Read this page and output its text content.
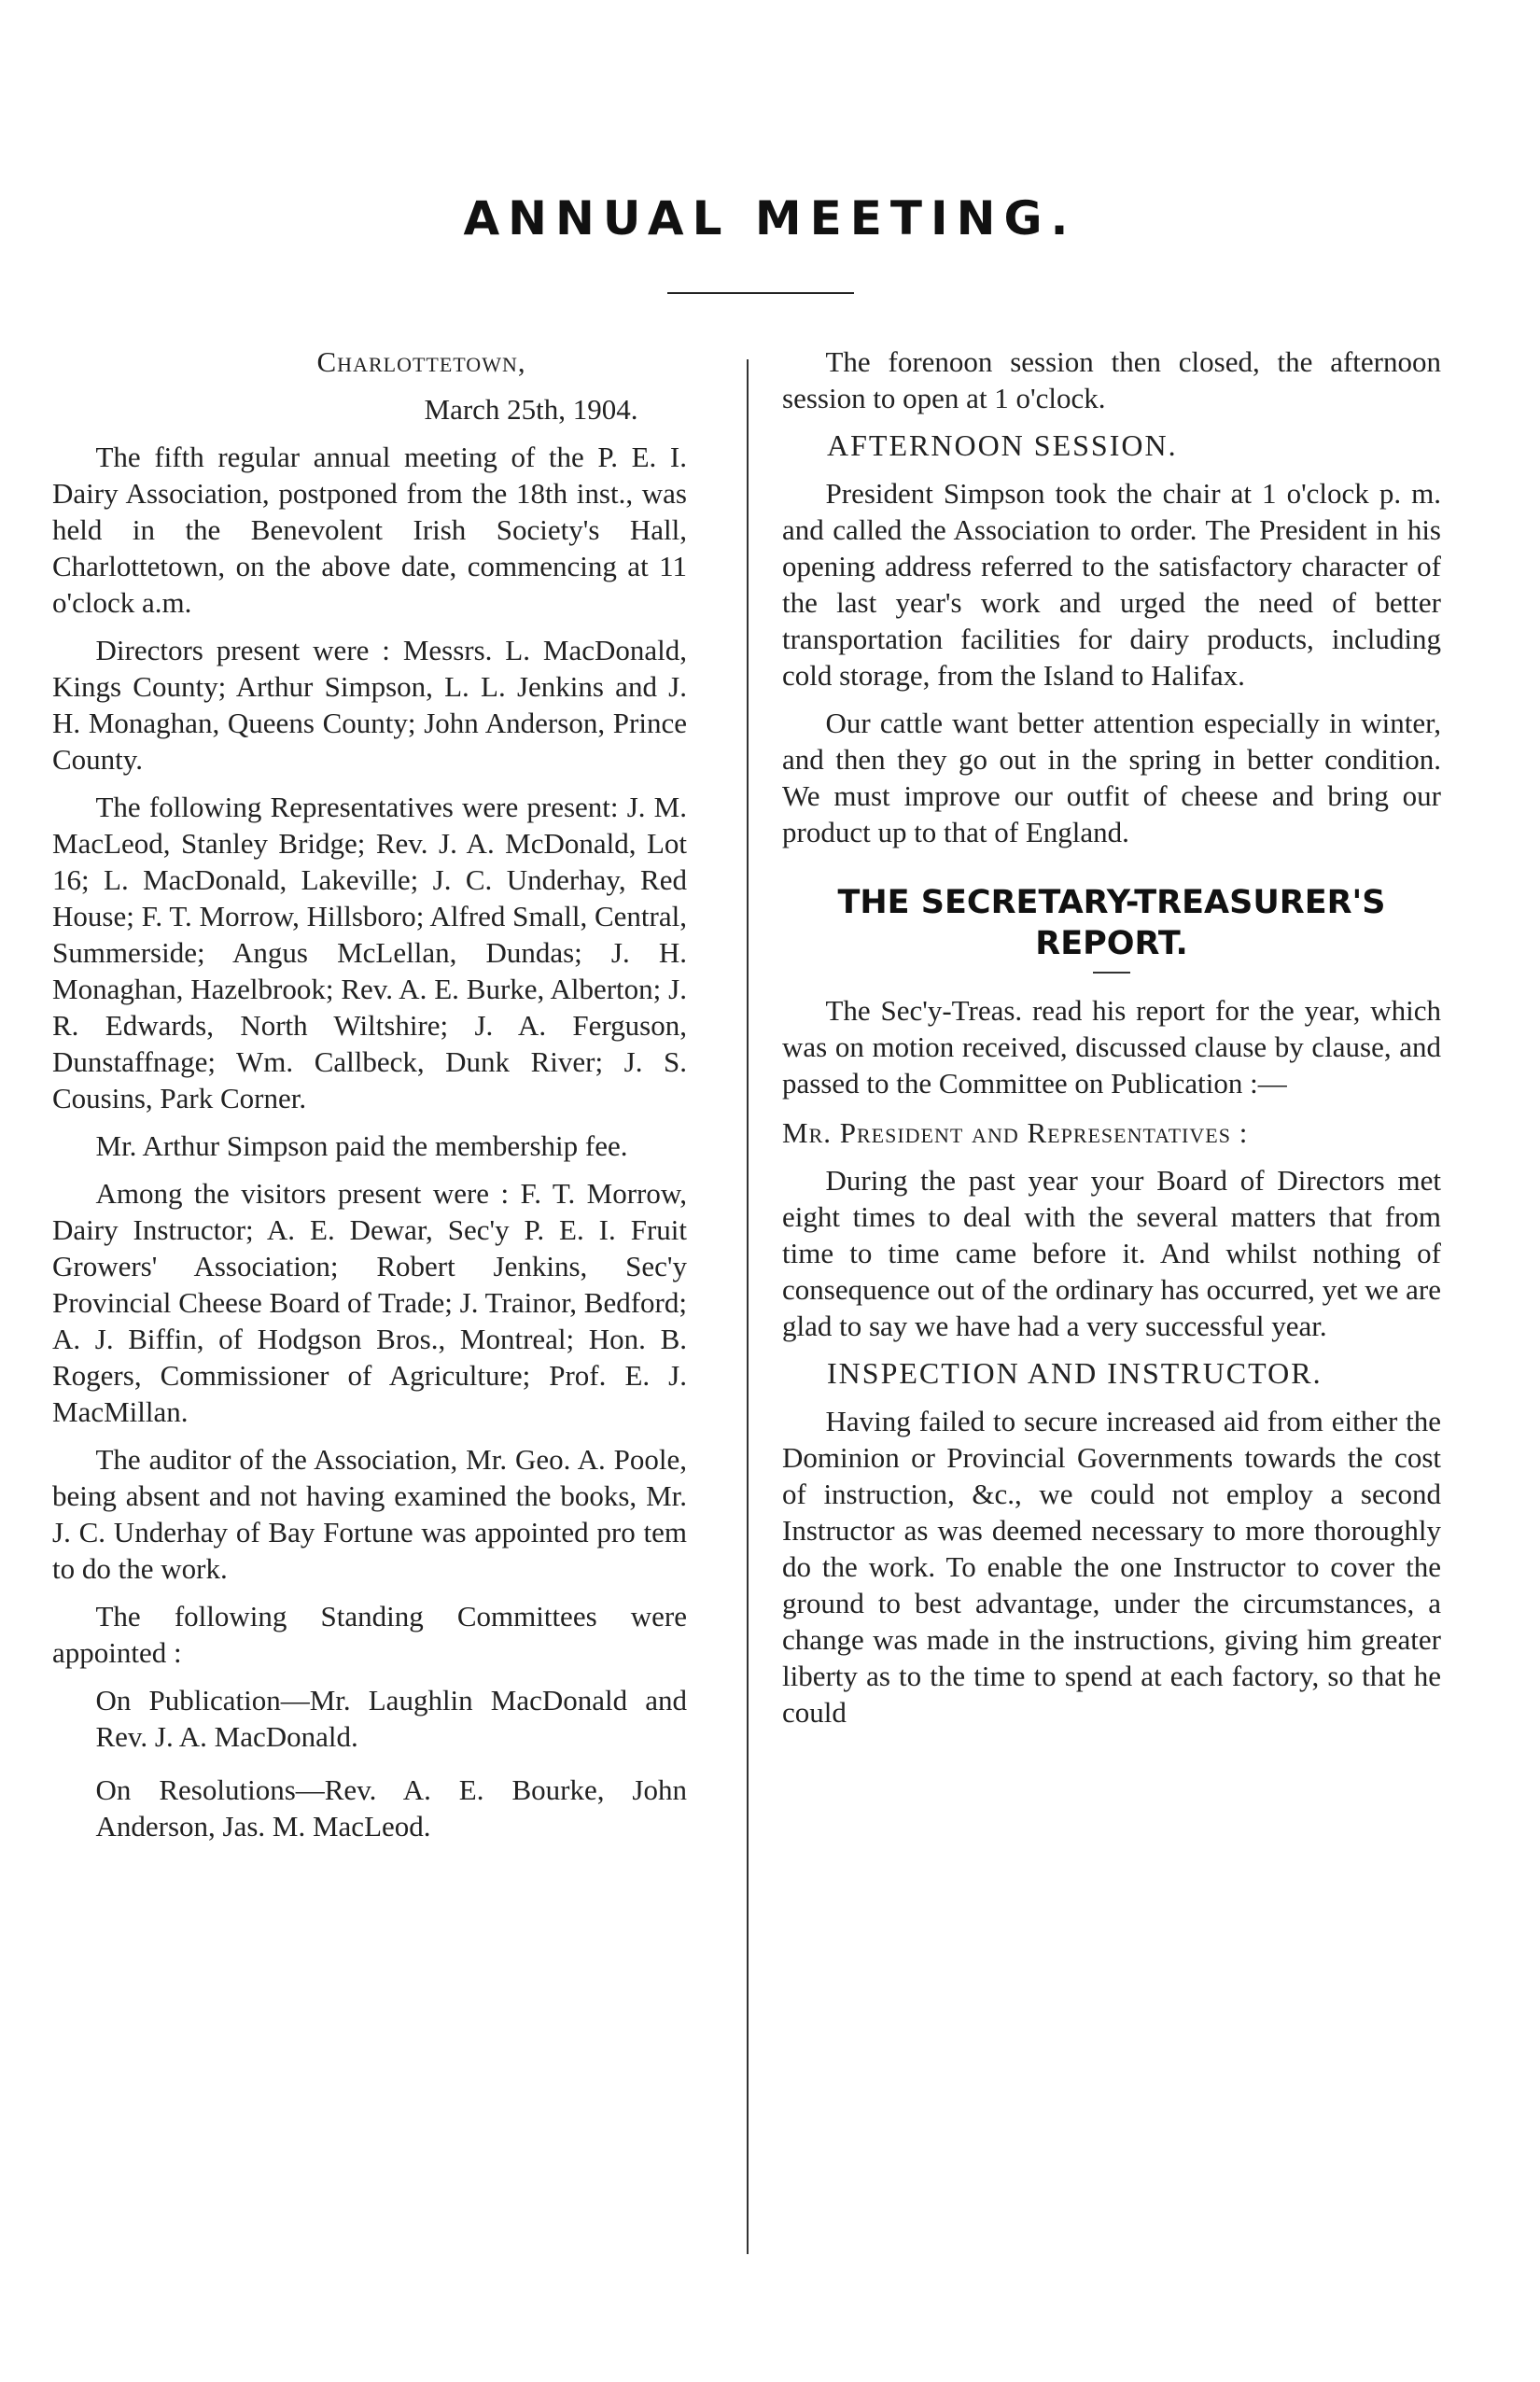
ANNUAL MEETING.

Charlottetown,

March 25th, 1904.

The fifth regular annual meeting of the P. E. I. Dairy Association, postponed from the 18th inst., was held in the Benevolent Irish Society's Hall, Charlottetown, on the above date, commencing at 11 o'clock a.m.

Directors present were : Messrs. L. MacDonald, Kings County; Arthur Simpson, L. L. Jenkins and J. H. Monaghan, Queens County; John Anderson, Prince County.

The following Representatives were present: J. M. MacLeod, Stanley Bridge; Rev. J. A. McDonald, Lot 16; L. MacDonald, Lakeville; J. C. Underhay, Red House; F. T. Morrow, Hillsboro; Alfred Small, Central, Summerside; Angus McLellan, Dundas; J. H. Monaghan, Hazelbrook; Rev. A. E. Burke, Alberton; J. R. Edwards, North Wiltshire; J. A. Ferguson, Dunstaffnage; Wm. Callbeck, Dunk River; J. S. Cousins, Park Corner.

Mr. Arthur Simpson paid the membership fee.

Among the visitors present were : F. T. Morrow, Dairy Instructor; A. E. Dewar, Sec'y P. E. I. Fruit Growers' Association; Robert Jenkins, Sec'y Provincial Cheese Board of Trade; J. Trainor, Bedford; A. J. Biffin, of Hodgson Bros., Montreal; Hon. B. Rogers, Commissioner of Agriculture; Prof. E. J. MacMillan.

The auditor of the Association, Mr. Geo. A. Poole, being absent and not having examined the books, Mr. J. C. Underhay of Bay Fortune was appointed pro tem to do the work.

The following Standing Committees were appointed :

On Publication—Mr. Laughlin MacDonald and Rev. J. A. MacDonald.

On Resolutions—Rev. A. E. Bourke, John Anderson, Jas. M. MacLeod.

The forenoon session then closed, the afternoon session to open at 1 o'clock.

AFTERNOON SESSION.

President Simpson took the chair at 1 o'clock p. m. and called the Association to order. The President in his opening address referred to the satisfactory character of the last year's work and urged the need of better transportation facilities for dairy products, including cold storage, from the Island to Halifax.

Our cattle want better attention especially in winter, and then they go out in the spring in better condition. We must improve our outfit of cheese and bring our product up to that of England.

THE SECRETARY-TREASURER'S REPORT.

The Sec'y-Treas. read his report for the year, which was on motion received, discussed clause by clause, and passed to the Committee on Publication :—

Mr. President and Representatives :

During the past year your Board of Directors met eight times to deal with the several matters that from time to time came before it. And whilst nothing of consequence out of the ordinary has occurred, yet we are glad to say we have had a very successful year.

INSPECTION AND INSTRUCTOR.

Having failed to secure increased aid from either the Dominion or Provincial Governments towards the cost of instruction, &c., we could not employ a second Instructor as was deemed necessary to more thoroughly do the work. To enable the one Instructor to cover the ground to best advantage, under the circumstances, a change was made in the instructions, giving him greater liberty as to the time to spend at each factory, so that he could
